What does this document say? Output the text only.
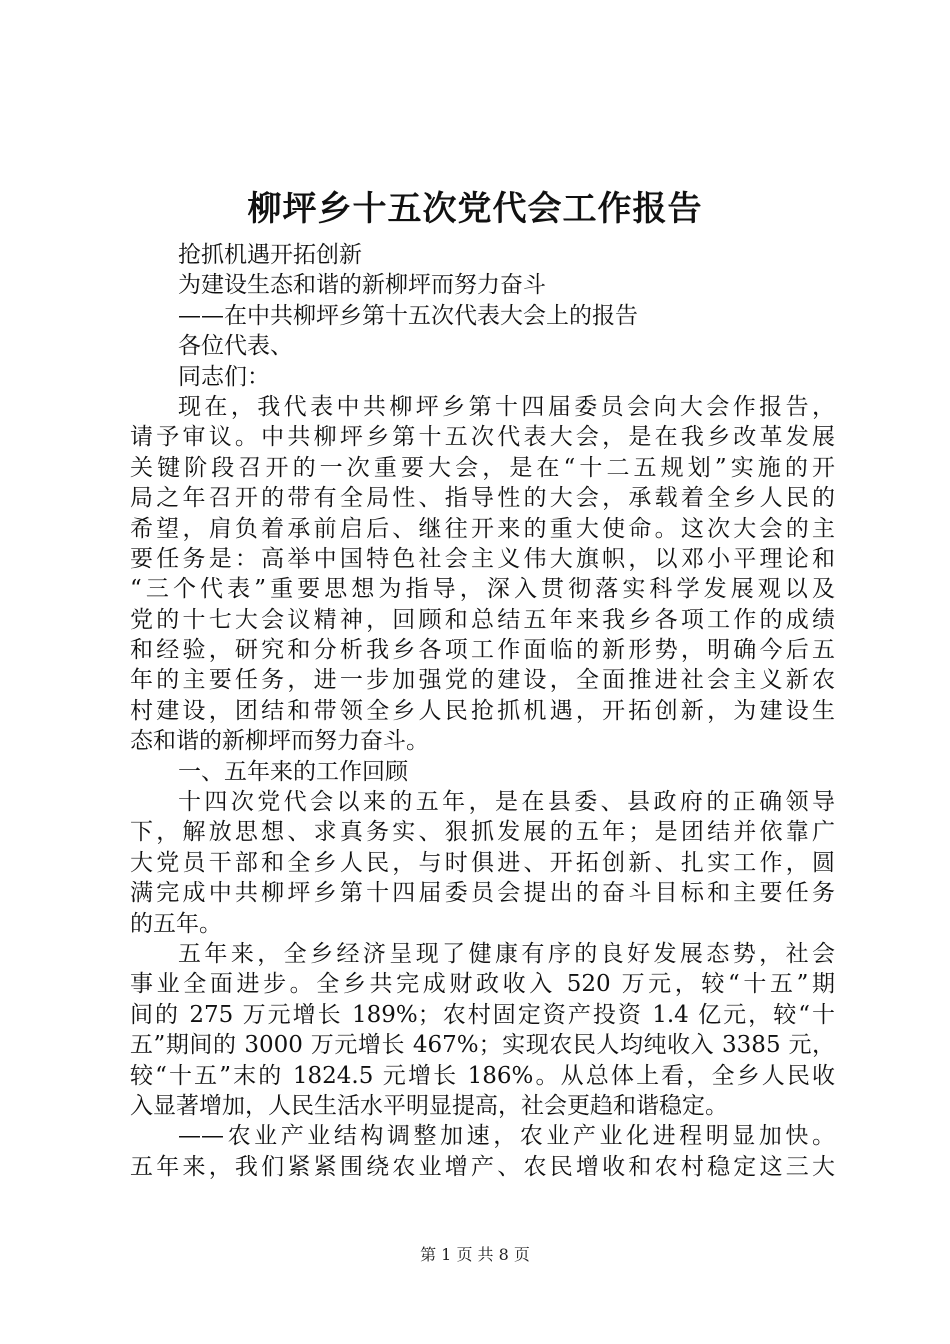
柳坪乡十五次党代会工作报告
抢抓机遇开拓创新
为建设生态和谐的新柳坪而努力奋斗
——在中共柳坪乡第十五次代表大会上的报告
各位代表、
同志们：
现在，我代表中共柳坪乡第十四届委员会向大会作报告，
请予审议。中共柳坪乡第十五次代表大会，是在我乡改革发展
关键阶段召开的一次重要大会，是在“十二五规划”实施的开
局之年召开的带有全局性、指导性的大会，承载着全乡人民的
希望，肩负着承前启后、继往开来的重大使命。这次大会的主
要任务是：高举中国特色社会主义伟大旗帜，以邓小平理论和
“三个代表”重要思想为指导，深入贯彻落实科学发展观以及
党的十七大会议精神，回顾和总结五年来我乡各项工作的成绩
和经验，研究和分析我乡各项工作面临的新形势，明确今后五
年的主要任务，进一步加强党的建设，全面推进社会主义新农
村建设，团结和带领全乡人民抢抓机遇，开拓创新，为建设生
态和谐的新柳坪而努力奋斗。
一、五年来的工作回顾
十四次党代会以来的五年，是在县委、县政府的正确领导
下，解放思想、求真务实、狠抓发展的五年；是团结并依靠广
大党员干部和全乡人民，与时俱进、开拓创新、扎实工作，圆
满完成中共柳坪乡第十四届委员会提出的奋斗目标和主要任务
的五年。
五年来，全乡经济呈现了健康有序的良好发展态势，社会
事业全面进步。全乡共完成财政收入 520 万元，较“十五”期
间的 275 万元增长 189%；农村固定资产投资 1.4 亿元，较“十
五”期间的 3000 万元增长 467%；实现农民人均纯收入 3385 元，
较“十五”末的 1824.5 元增长 186%。从总体上看，全乡人民收
入显著增加，人民生活水平明显提高，社会更趋和谐稳定。
——农业产业结构调整加速，农业产业化进程明显加快。
五年来，我们紧紧围绕农业增产、农民增收和农村稳定这三大
第 1 页 共 8 页
